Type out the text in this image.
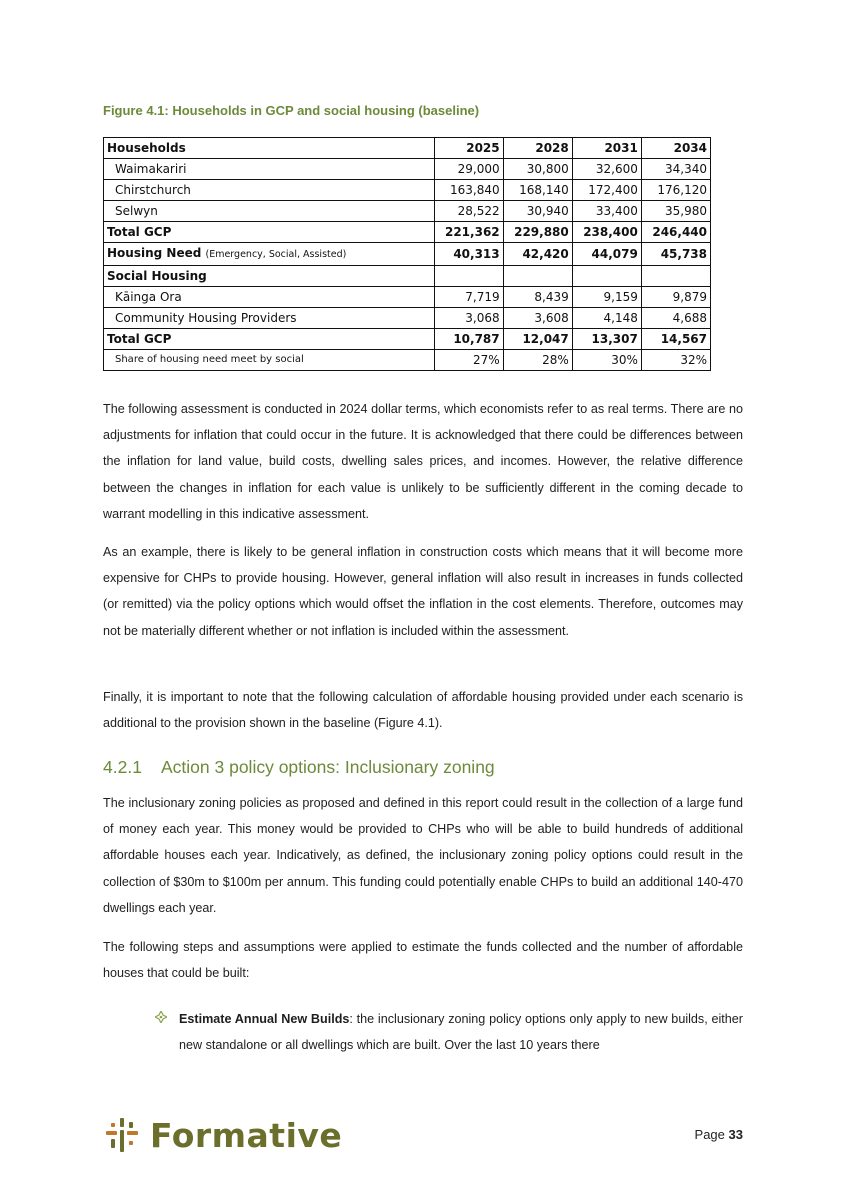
Figure 4.1: Households in GCP and social housing (baseline)
Households	2025	2028	2031	2034
Waimakariri	29,000	30,800	32,600	34,340
Chirstchurch	163,840	168,140	172,400	176,120
Selwyn	28,522	30,940	33,400	35,980
Total GCP	221,362	229,880	238,400	246,440
Housing Need (Emergency, Social, Assisted)	40,313	42,420	44,079	45,738
Social Housing				
Kāinga Ora	7,719	8,439	9,159	9,879
Community Housing Providers	3,068	3,608	4,148	4,688
Total GCP	10,787	12,047	13,307	14,567
Share of housing need meet by social	27%	28%	30%	32%

The following assessment is conducted in 2024 dollar terms, which economists refer to as real terms. There are no adjustments for inflation that could occur in the future. It is acknowledged that there could be differences between the inflation for land value, build costs, dwelling sales prices, and incomes. However, the relative difference between the changes in inflation for each value is unlikely to be sufficiently different in the coming decade to warrant modelling in this indicative assessment.

As an example, there is likely to be general inflation in construction costs which means that it will become more expensive for CHPs to provide housing. However, general inflation will also result in increases in funds collected (or remitted) via the policy options which would offset the inflation in the cost elements. Therefore, outcomes may not be materially different whether or not inflation is included within the assessment.

Finally, it is important to note that the following calculation of affordable housing provided under each scenario is additional to the provision shown in the baseline (Figure 4.1).

4.2.1 Action 3 policy options: Inclusionary zoning

The inclusionary zoning policies as proposed and defined in this report could result in the collection of a large fund of money each year. This money would be provided to CHPs who will be able to build hundreds of additional affordable houses each year. Indicatively, as defined, the inclusionary zoning policy options could result in the collection of $30m to $100m per annum. This funding could potentially enable CHPs to build an additional 140-470 dwellings each year.

The following steps and assumptions were applied to estimate the funds collected and the number of affordable houses that could be built:

Estimate Annual New Builds: the inclusionary zoning policy options only apply to new builds, either new standalone or all dwellings which are built. Over the last 10 years there
Formative	Page 33
